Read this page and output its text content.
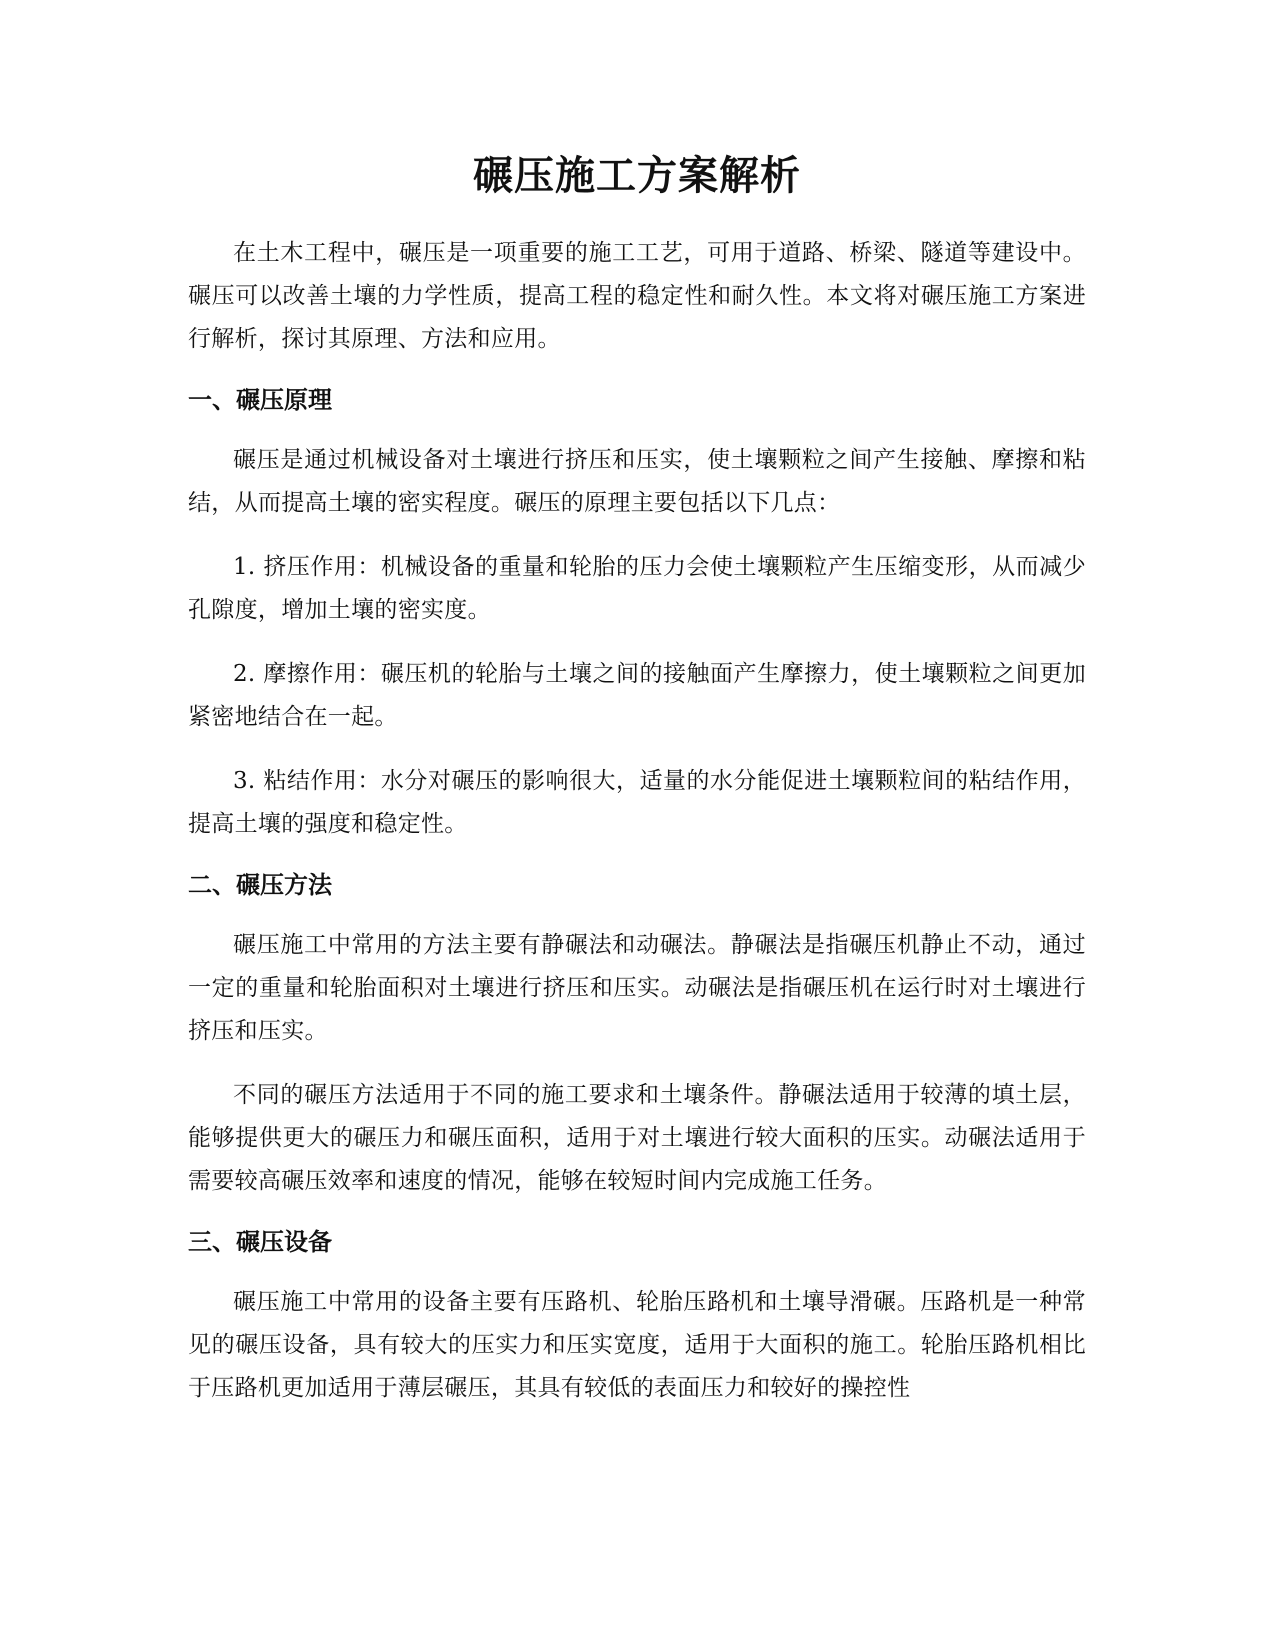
碾压施工方案解析

在土木工程中，碾压是一项重要的施工工艺，可用于道路、桥梁、隧道等建设中。碾压可以改善土壤的力学性质，提高工程的稳定性和耐久性。本文将对碾压施工方案进行解析，探讨其原理、方法和应用。

一、碾压原理

碾压是通过机械设备对土壤进行挤压和压实，使土壤颗粒之间产生接触、摩擦和粘结，从而提高土壤的密实程度。碾压的原理主要包括以下几点：

1. 挤压作用：机械设备的重量和轮胎的压力会使土壤颗粒产生压缩变形，从而减少孔隙度，增加土壤的密实度。

2. 摩擦作用：碾压机的轮胎与土壤之间的接触面产生摩擦力，使土壤颗粒之间更加紧密地结合在一起。

3. 粘结作用：水分对碾压的影响很大，适量的水分能促进土壤颗粒间的粘结作用，提高土壤的强度和稳定性。

二、碾压方法

碾压施工中常用的方法主要有静碾法和动碾法。静碾法是指碾压机静止不动，通过一定的重量和轮胎面积对土壤进行挤压和压实。动碾法是指碾压机在运行时对土壤进行挤压和压实。

不同的碾压方法适用于不同的施工要求和土壤条件。静碾法适用于较薄的填土层，能够提供更大的碾压力和碾压面积，适用于对土壤进行较大面积的压实。动碾法适用于需要较高碾压效率和速度的情况，能够在较短时间内完成施工任务。

三、碾压设备

碾压施工中常用的设备主要有压路机、轮胎压路机和土壤导滑碾。压路机是一种常见的碾压设备，具有较大的压实力和压实宽度，适用于大面积的施工。轮胎压路机相比于压路机更加适用于薄层碾压，其具有较低的表面压力和较好的操控性
